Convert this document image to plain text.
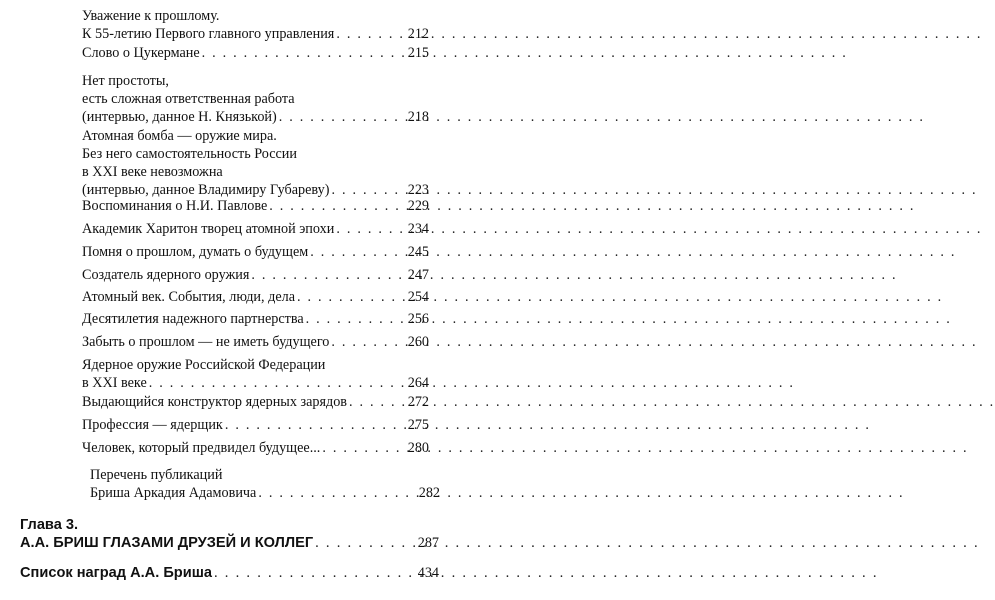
Уважение к прошлому.
К 55-летию Первого главного управления . . .	212
Слово о Цукермане . . .	215
Нет простоты,
есть сложная ответственная работа
(интервью, данное Н. Князькой) . . .	218
Атомная бомба — оружие мира.
Без него самостоятельность России
в XXI веке невозможна
(интервью, данное Владимиру Губареву) . . .	223
Воспоминания о Н.И. Павлове . . .	229
Академик Харитон творец атомной эпохи . . .	234
Помня о прошлом, думать о будущем . . .	245
Создатель ядерного оружия . . .	247
Атомный век. События, люди, дела . . .	254
Десятилетия надежного партнерства . . .	256
Забыть о прошлом — не иметь будущего . . .	260
Ядерное оружие Российской Федерации
в XXI веке . . .	264
Выдающийся конструктор ядерных зарядов . . .	272
Профессия — ядерщик . . .	275
Человек, который предвидел будущее... . . .	280
Перечень публикаций
Бриша Аркадия Адамовича . . .	282
Глава 3.
А.А. БРИШ ГЛАЗАМИ ДРУЗЕЙ И КОЛЛЕГ . . .	287
Список наград А.А. Бриша . . .	434
